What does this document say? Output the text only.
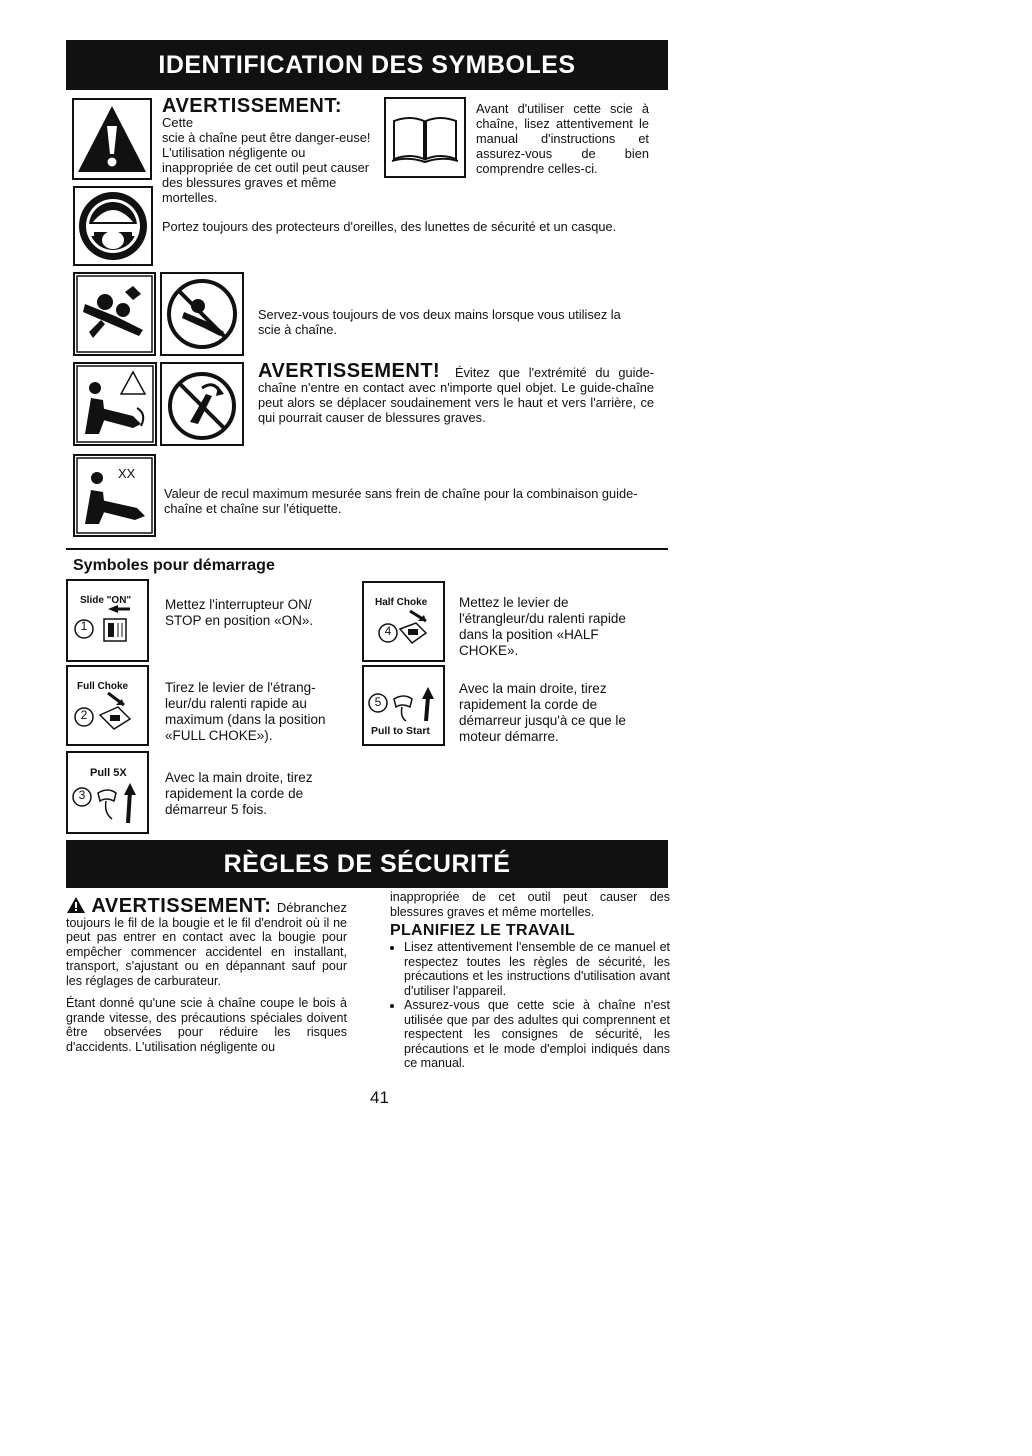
IDENTIFICATION DES SYMBOLES
AVERTISSEMENT: Cette
scie à chaîne peut être danger-euse! L'utilisation négligente ou inappropriée de cet outil peut causer des blessures graves et même mortelles.
Avant d'utiliser cette scie à chaîne, lisez attentivement le manual d'instructions et assurez-vous de bien comprendre celles-ci.
Portez toujours des protecteurs d'oreilles, des lunettes de sécurité et un casque.
Servez-vous toujours de vos deux mains lorsque vous utilisez la scie à chaîne.
AVERTISSEMENT! Évitez que l'extrémité du guide-chaîne n'entre en contact avec n'importe quel objet. Le guide-chaîne peut alors se déplacer soudainement vers le haut et vers l'arrière, ce qui pourrait causer de blessures graves.
XX
Valeur de recul maximum mesurée sans frein de chaîne pour la combinaison guide-chaîne et chaîne sur l'étiquette.
Symboles pour démarrage
Slide "ON"
1
Mettez l'interrupteur ON/ STOP en position «ON».
Full Choke
2
Tirez le levier de l'étrang-leur/du ralenti rapide au maximum (dans la position «FULL CHOKE»).
Pull 5X
3
Avec la main droite, tirez rapidement la corde de démarreur 5 fois.
Half Choke
4
Mettez le levier de l'étrangleur/du ralenti rapide dans la position «HALF CHOKE».
5
Pull to Start
Avec la main droite, tirez rapidement la corde de démarreur jusqu'à ce que le moteur démarre.
RÈGLES DE SÉCURITÉ
AVERTISSEMENT: Débranchez toujours le fil de la bougie et le fil d'endroit où il ne peut pas entrer en contact avec la bougie pour empêcher commencer accidentel en installant, transport, s'ajustant ou en dépannant sauf pour les réglages de carburateur.
Étant donné qu'une scie à chaîne coupe le bois à grande vitesse, des précautions spéciales doivent être observées pour réduire les risques d'accidents. L'utilisation négligente ou
inappropriée de cet outil peut causer des blessures graves et même mortelles.
PLANIFIEZ LE TRAVAIL
• Lisez attentivement l'ensemble de ce manuel et respectez toutes les règles de sécurité, les précautions et les instructions d'utilisation avant d'utiliser l'appareil.
• Assurez-vous que cette scie à chaîne n'est utilisée que par des adultes qui comprennent et respectent les consignes de sécurité, les précautions et le mode d'emploi indiqués dans ce manual.
41
